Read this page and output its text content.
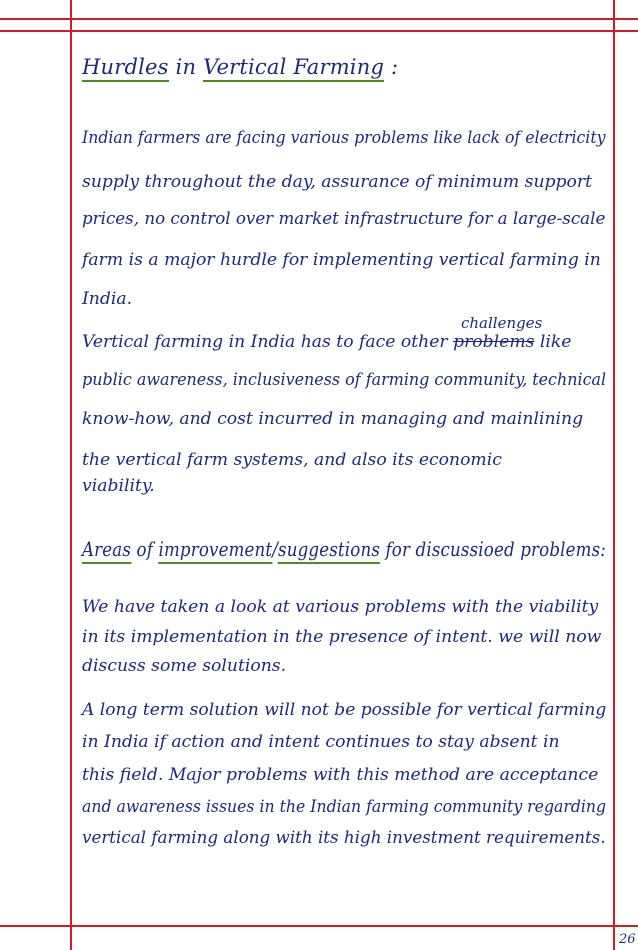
Hurdles in Vertical Farming :
Indian farmers are facing various problems like lack of electricity
supply throughout the day, assurance of minimum support
prices, no control over market infrastructure for a large-scale
farm is a major hurdle for implementing vertical farming in
India.
challenges
Vertical farming in India has to face other problems like
public awareness, inclusiveness of farming community, technical
know-how, and cost incurred in managing and mainlining
the vertical farm systems, and also its economic
viability.
Areas of improvement/suggestions for discussioed problems:
We have taken a look at various problems with the viability
in its implementation in the presence of intent. we will now
discuss some solutions.
A long term solution will not be possible for vertical farming
in India if action and intent continues to stay absent in
this field. Major problems with this method are acceptance
and awareness issues in the Indian farming community regarding
vertical farming along with its high investment requirements.
26
